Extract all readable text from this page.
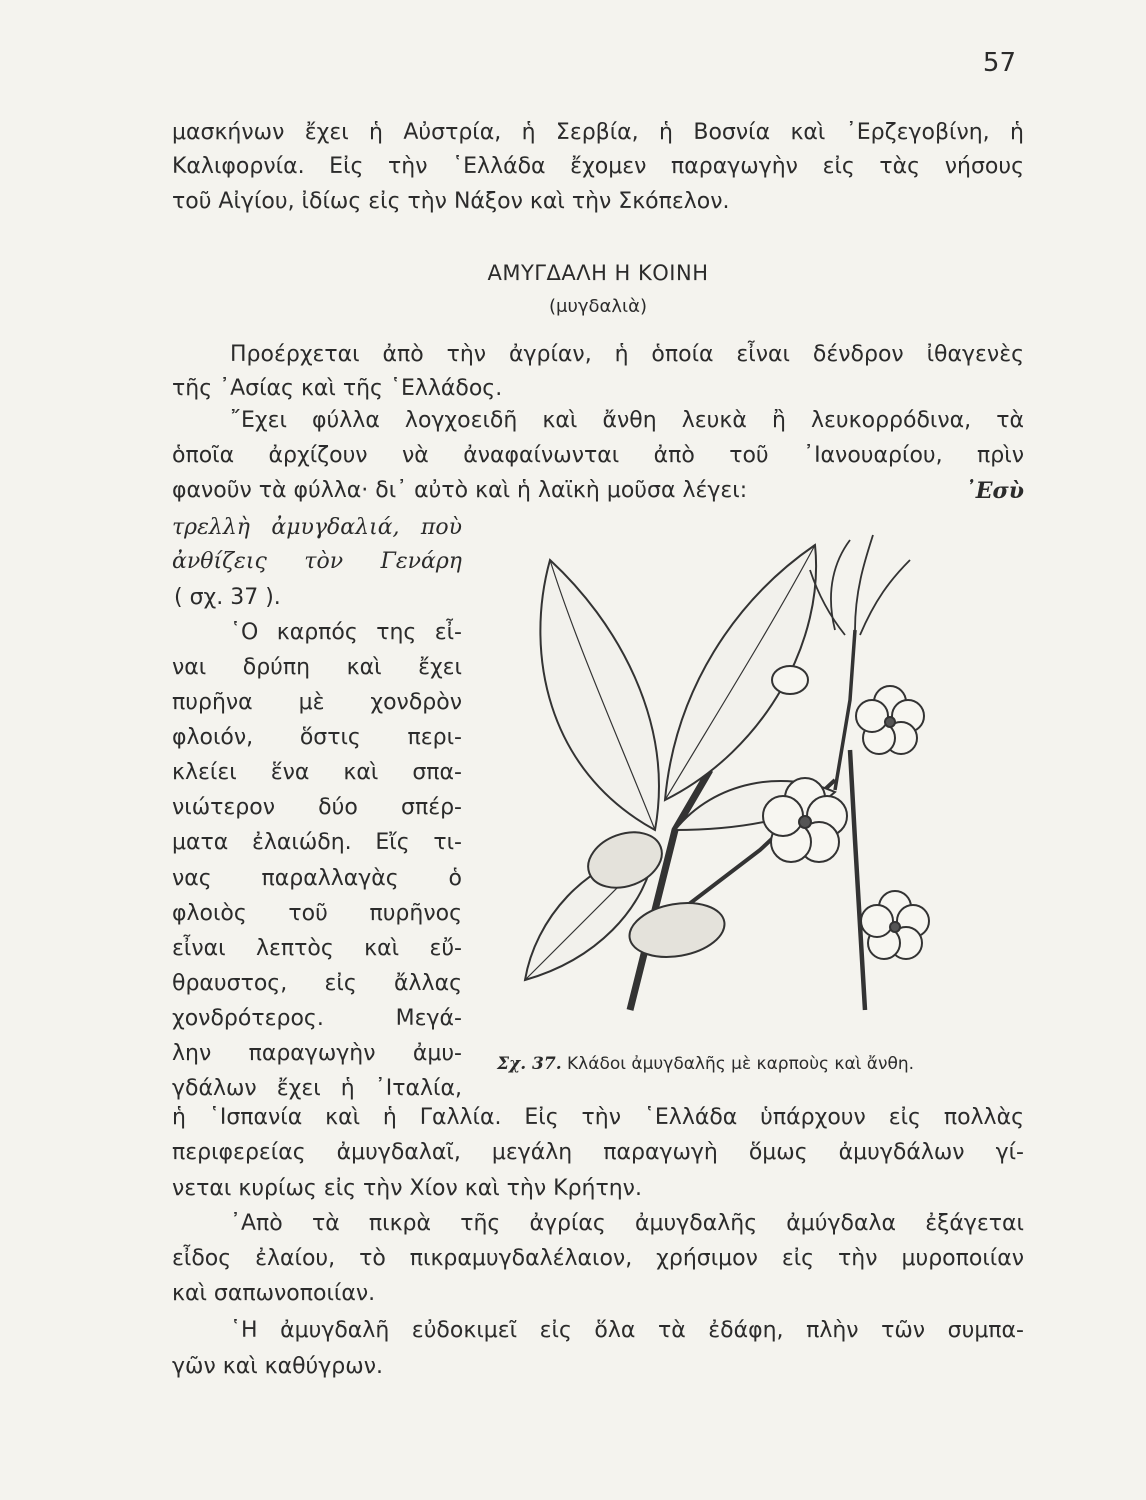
57
μασκήνων ἔχει ἡ Αὐστρία, ἡ Σερβία, ἡ Βοσνία καὶ ᾿Ερζεγοβίνη, ἡ
Καλιφορνία. Εἰς τὴν ῾Ελλάδα ἔχομεν παραγωγὴν εἰς τὰς νήσους
τοῦ Αἰγίου, ἰδίως εἰς τὴν Νάξον καὶ τὴν Σκόπελον.
ΑΜΥΓΔΑΛΗ Η ΚΟΙΝΗ
(μυγδαλιὰ)
Προέρχεται ἀπὸ τὴν ἀγρίαν, ἡ ὁποία εἶναι δένδρον ἰθαγενὲς
τῆς ᾿Ασίας καὶ τῆς ῾Ελλάδος.
῎Εχει φύλλα λογχοειδῆ καὶ ἄνθη λευκὰ ἢ λευκορρόδινα, τὰ
ὁποῖα ἀρχίζουν νὰ ἀναφαίνωνται ἀπὸ τοῦ ᾿Ιανουαρίου, πρὶν
φανοῦν τὰ φύλλα· δι᾿ αὐτὸ καὶ ἡ λαϊκὴ μοῦσα λέγει:	᾿Εσὺ
τρελλὴ ἀμυγδαλιά, ποὺ
ἀνθίζεις τὸν Γενάρη
( σχ. 37 ).
῾Ο καρπός της εἶ-
ναι δρύπη καὶ ἔχει
πυρῆνα μὲ χονδρὸν
φλοιόν, ὅστις περι-
κλείει ἕνα καὶ σπα-
νιώτερον δύο σπέρ-
ματα ἐλαιώδη. Εἴς τι-
νας παραλλαγὰς ὁ
φλοιὸς τοῦ πυρῆνος
εἶναι λεπτὸς καὶ εὔ-
θραυστος, εἰς ἄλλας
χονδρότερος. Μεγά-
λην παραγωγὴν ἀμυ-
γδάλων ἔχει ἡ ᾿Ιταλία,
Σχ. 37. Κλάδοι ἀμυγδαλῆς μὲ καρποὺς καὶ ἄνθη.
ἡ ῾Ισπανία καὶ ἡ Γαλλία. Εἰς τὴν ῾Ελλάδα ὑπάρχουν εἰς πολλὰς
περιφερείας ἀμυγδαλαῖ, μεγάλη παραγωγὴ ὅμως ἀμυγδάλων γί-
νεται κυρίως εἰς τὴν Χίον καὶ τὴν Κρήτην.
᾿Απὸ τὰ πικρὰ τῆς ἀγρίας ἀμυγδαλῆς ἀμύγδαλα ἐξάγεται
εἶδος ἐλαίου, τὸ πικραμυγδαλέλαιον, χρήσιμον εἰς τὴν μυροποιίαν
καὶ σαπωνοποιίαν.
῾Η ἀμυγδαλῆ εὐδοκιμεῖ εἰς ὅλα τὰ ἐδάφη, πλὴν τῶν συμπα-
γῶν καὶ καθύγρων.
